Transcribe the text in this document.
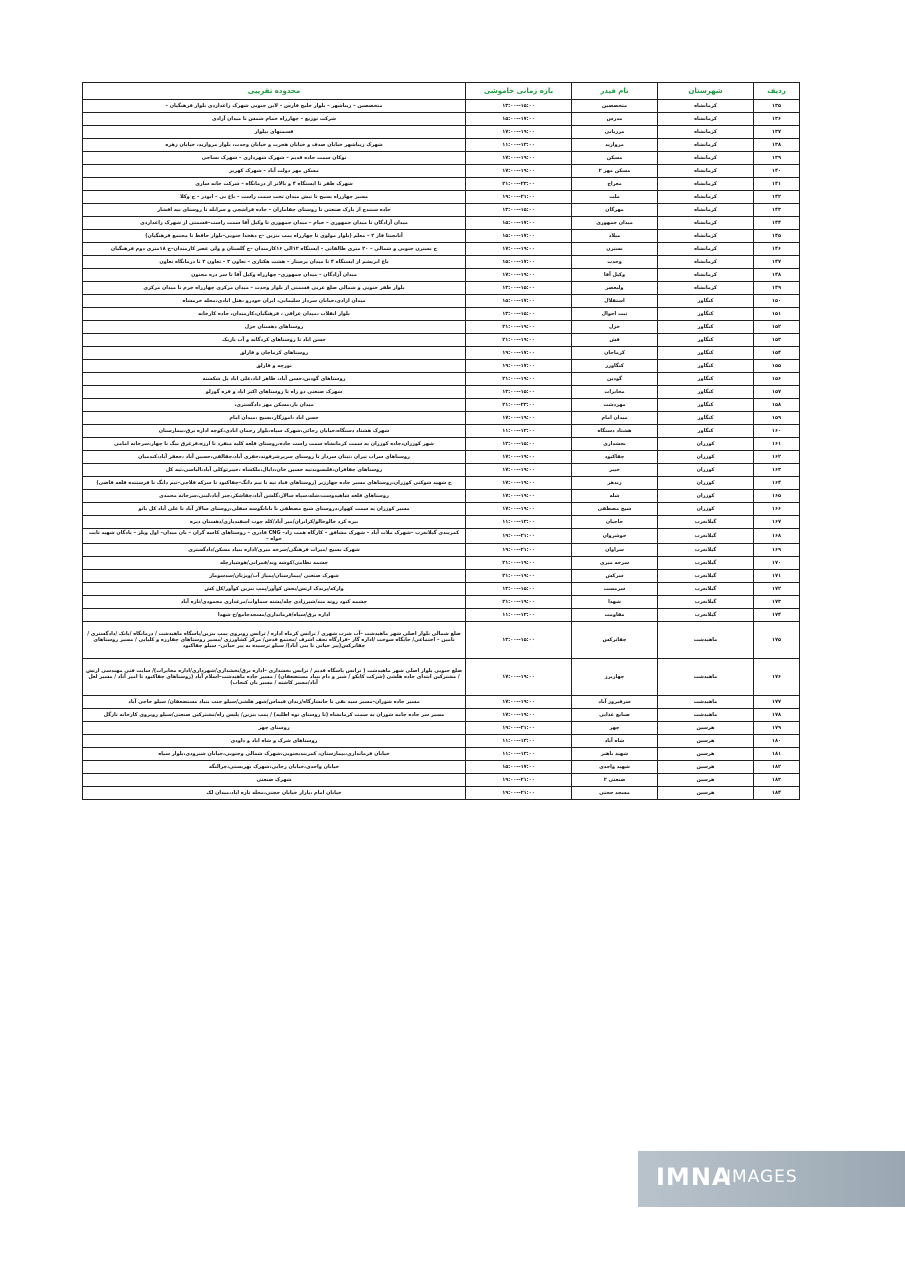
ردیف	شهرستان	نام فیدر	بازه زمانی خاموشی	محدوده تقریبی
۱۳۵	کرمانشاه	متخصصین	۱۵:۰۰--۱۳:۰۰	متخصصین – زیباشهر – بلوار خلیج فارس – لاین جنوبی شهرک زاغداردی بلوار فرهنگیان –
۱۳۶	کرمانشاه	مدرس	۱۷:۰۰--۱۵:۰۰	شرکت توزیع – چهارراه حمام شمس تا میدان آزادی
۱۳۷	کرمانشاه	مرزبانی	۱۹:۰۰--۱۷:۰۰	قسمتهای بیلوار
۱۳۸	کرمانشاه	مروارید	۱۳:۰۰--۱۱:۰۰	شهرک زیباشهر خیابان صدف و خیابان هجرت و خیابان وحدت، بلوار مروارید، خیابان زهره
۱۳۹	کرمانشاه	مسکن	۱۹:۰۰--۱۷:۰۰	نوکان سمت جاده قدیم – شهرک شهرداری – شهرک نساجی
۱۴۰	کرمانشاه	مسکن مهر ۲	۱۹:۰۰--۱۷:۰۰	مسکن مهر دولت آباد – شهرک کهریز
۱۴۱	کرمانشاه	معراج	۲۳:۰۰--۲۱:۰۰	شهرک ظفر تا ایستگاه ۴ و بالاتر از درمانگاه – شرکت خانه سازی
۱۴۲	کرمانشاه	ملت	۲۱:۰۰--۱۹:۰۰	مسیر چهارراه بسیج تا نبش میدان تخت سمت راست – باغ نی – ابوذر – ج وکلا
۱۴۳	کرمانشاه	مهرگان	۱۵:۰۰--۱۳:۰۰	جاده سنندج از پارک صنعتی تا روستای چقاماران – جاده فراشچی و سرابله تا روستای نیه افشار
۱۴۴	کرمانشاه	میدان جمهوری	۱۷:۰۰--۱۵:۰۰	میدان آزادگان تا میدان جمهوری – خیام – میدان جمهوری تا وکیل آقا سمت راست–قسمتی از شهرک زاغداردی
۱۴۵	کرمانشاه	میلاد	۱۷:۰۰--۱۵:۰۰	آتانجیتا فاز ۲ – معلم (بلوار مولوی تا چهارراه پمپ بنزین –خ دهخدا جنوبی–بلوار حافظ تا مجتمع فرهنگیان)
۱۴۶	کرمانشاه	نسترن	۱۹:۰۰--۱۷:۰۰	خ نسترن جنوبی و شمالی – ۲۰ متری طالقانی – ایستگاه ۱۲الی ۱۶کارمندان –خ گلستان و ولی عصر کارمندان–خ ۱۸متری دوم فرهنگیان
۱۴۷	کرمانشاه	وحدت	۱۷:۰۰--۱۵:۰۰	باغ ابریشم از ایستگاه ۴ تا میدان پرستار – هشت هکتاری – تعاون ۳ – تعاون ۲ تا درمانگاه تعاون
۱۴۸	کرمانشاه	وکیل آقا	۱۹:۰۰--۱۷:۰۰	میدان آزادگان – میدان جمهوری– چهارراه وکیل آقا تا سر دره مجنون
۱۴۹	کرمانشاه	ولیعصر	۱۵:۰۰--۱۳:۰۰	بلوار ظفر جنوبی و شمالی ضلع غربی قسمتی از بلوار وحدت – میدان مرکزی چهارراه خرم تا میدان مرکزی
۱۵۰	کنگاور	استقلال	۱۷:۰۰--۱۵:۰۰	میدان ازادی،خیابان سردار سلیمانی، ایران خودرو ،هتل ابادی،محله خرمشاه
۱۵۱	کنگاور	ثبت احوال	۱۵:۰۰--۱۳:۰۰	بلوار انقلاب ،میدان عراقی ، فرهنگیان،کارمندان، جاده کارخانه
۱۵۲	کنگاور	خزل	۱۹:۰۰--۲۱:۰۰	روستاهای دهستان خزل
۱۵۳	کنگاور	فش	۱۹:۰۰--۲۱:۰۰	حسن اباد تا روستاهای کردگانه و آب باریک
۱۵۴	کنگاور	کرماجان	۱۷:۰۰--۱۹:۰۰	روستاهای کرماجان و قارلق
۱۵۵	کنگاور	کنگاورز	۱۷:۰۰--۱۹:۰۰	نورچه و قارلق
۱۵۶	کنگاور	گودین	۱۹:۰۰--۲۱:۰۰	روستاهای گودین،حسن آباد، ظاهر اباد،علی اباد پل شکسته
۱۵۷	کنگاور	مخابرات	۱۵:۰۰--۱۳:۰۰	شهرک صنعتی دو راه تا روستاهای اکبر اباد و قره گوزلو
۱۵۸	کنگاور	مهردشت	۲۳:۰۰--۲۱:۰۰	میدان بار،مسکن مهر دادگستری،
۱۵۹	کنگاور	میدان امام	۱۹:۰۰--۱۷:۰۰	حسن اباد ،اموزگار،بسیج ،میدان امام
۱۶۰	کنگاور	هشتاد دستگاه	۱۳:۰۰--۱۱:۰۰	شهرک هشتاد دستگاه،خیابان رجائی،شهرک سپاه،بلوار رحمان ابادی،کوچه اداره برق،بیمارستان
۱۶۱	کوزران	بخشداری	۱۵:۰۰--۱۳:۰۰	شهر کوزران،جاده کوزران به سمت کرمانشاه سمت راست جاده،روستای قلعه کلیه منفرد تا ارزه،قرغرق بیگ تا چهار،سرخانه امامی
۱۶۲	کوزران	چقاکبود	۱۹:۰۰--۱۷:۰۰	روستاهای سراب تیران ،تیتان سردار تا روستای سرپرشرفوند،خفری آباد،چقالفی،حسین آباد ،جعفر آباد،کندمیان
۱۶۳	کوزران	خیبر	۱۹:۰۰--۱۷:۰۰	روستاهای چقافران،قلبسوندنیه حسین خان،داپال،ملکشاه ،خیبرتوکلی آباد،الیاسی،تیه کل
۱۶۴	کوزران	زندهر	۱۹:۰۰--۱۷:۰۰	خ شهید شوکتی کوزران،روستاهای مسیر جاده چهارزبر (روستاهای قباد تپه تا نیم دانگ–چقاکبود تا سرکه قلاچی–تیم دانگ تا فرستنده قلعه قاضی)
۱۶۵	کوزران	شله	۱۹:۰۰--۱۷:۰۰	روستاهای قلعه شاهیدوست،شله،سپاه سالار،گلشن آباد،چقاشکر،جبر آباد،لبنی،سرخانه محمدی
۱۶۶	کوزران	شیخ مصطفی	۱۹:۰۰--۱۷:۰۰	مسیر کوزران به سمت کهوار،دروستای شیخ مصطفی تا بابانگوسه سفلی،روستای سالار آباد تا علی آباد کل بانو
۱۶۷	گیلانغرب	حاجیان	۱۳:۰۰--۱۱:۰۰	بیره کرد خالوخالو/کرانران/میر آباد/کله چوب اسفندیاری/دهستان دیره
۱۶۸	گیلانغرب	خوشروان	۲۱:۰۰--۱۹:۰۰	کمربندی گیلانغرب –شهرک ملات آباد – شهرک مشافق – کارگاه همت زاد– CNG قادری – روستاهای کاسه گران – بان میدان– اول ویلز – پادگان شهید ثابت خواه –
۱۶۹	گیلانغرب	سراوان	۲۱:۰۰--۱۹:۰۰	شهرک بسیج /میرات فرهنگی/سرخه میری/اداره بنیاد مسکن/دادگستری
۱۷۰	گیلانغرب	سرخه میری	۱۹:۰۰--۲۱:۰۰	چشمه نظامی/کوشه وند/قمرانی/هوشیارچله
۱۷۱	گیلانغرب	سرکش	۱۹:۰۰--۲۱:۰۰	شهرک صنعتی /بیمارستان/پمپاژ آب/ویژنان/سدسومار
۱۷۲	گیلانغرب	سرمست	۱۵:۰۰--۱۳:۰۰	وارکه/پرندک ارتش/بخش کوآور/پمپ بنزین کوآور/کل کش
۱۷۳	گیلانغرب	شهدا	۱۹:۰۰--۲۱:۰۰	چشمه کبود روته مند/شیرزادی چله/پشته سماوات/مرغداری محمودی/تازه آباد
۱۷۴	گیلانغرب	مقاومت	۱۳:۰۰--۱۱:۰۰	اداره برق/سپاه/فرمانداری/مسجدجامع/خ شهدا
۱۷۵	ماهیدشت	چقاترکس	۱۵:۰۰--۱۳:۰۰	ضلع شمالی بلوار اصلی شهر ماهیدشت –آب شرب شهری / ترانس کرماه اداره / ترانس روبروی پمپ بنزین/پاسگاه ماهیدشت / درمانگاه /بانک /دادگستری /تامین – اجتماعی/ جایگاه سوخت /اداره گاز –قرارگاه نجف اشرف /مجتمع قدس/ مرکز کشاورزی /مسیر روستاهای چقارزه و کلیایی / مسیر روستاهای چقاترکس(پیر حیاتی تا ینی آباد)/ سیلو نرسیده به پیر حیاتی– سیلو چقاکبود
۱۷۶	ماهیدشت	چهاربرز	۱۹:۰۰--۱۷:۰۰	ضلع جنوبی بلوار اصلی شهر ماهیدشت ( ترانس پاسگاه قدیم / ترانس بخشداری –اداره برق/بخشداری/شهرداری/اداره مخابرات)/ سایت فنی مهندسی ارتش / مشترکین ابتدای جاده هلشی (شرکت کابکو / شیر و دام بنیاد مستضعفان) / مسیر جاده ماهیدشت–اسلام آباد (روستاهای چقاکبود تا امیر آباد / مسیر لعل آباد/مسیر کاشته / مسیر بان کنجاب)
۱۷۷	ماهیدشت	سرفیروز آباد	۱۹:۰۰--۱۷:۰۰	مسیر جاده شوران–مسیر سید نقی تا جانشارگاه/زندان قیماس/شهر هلشی/سیلو جنب بنیاد مستضعفان/ سیلو حاجی آباد
۱۷۸	ماهیدشت	صنایع غذایی	۱۹:۰۰--۱۷:۰۰	مسیر سر جاده جامه شوران به سمت کرمانشاه (تا روستای نوه اطلیه) / پمپ بنزین/ پلیس راه/مشترکین صنعتی/سیلو روبروی کارخانه تازگل
۱۷۹	هرسین	چهر	۲۱:۰۰--۱۹:۰۰	روستای چهر
۱۸۰	هرسین	شاه آباد	۱۳:۰۰--۱۱:۰۰	روستاهای شرک و شاه اباد و داودی
۱۸۱	هرسین	شهید باهنر	۱۳:۰۰--۱۱:۰۰	خیابان فرمانداری،بیمارستان، کمربندیجنوبی،شهرک شمالی وجنوبی،خیابان شیرودی،بلوار سپاه
۱۸۲	هرسین	شهید واحدی	۱۷:۰۰--۱۵:۰۰	خیابان واحدی،خیابان رجایی،شهرک بهزیستی،چرالنگه
۱۸۳	هرسین	صنعتی ۲	۲۱:۰۰--۱۹:۰۰	شهرک صنعتی
۱۸۴	هرسین	مسجد حجتی	۲۱:۰۰--۱۹:۰۰	خیابان امام ،بازار خیابان حجتی،محله تازه اباد،میدان لک
IMNA
IMAGES
